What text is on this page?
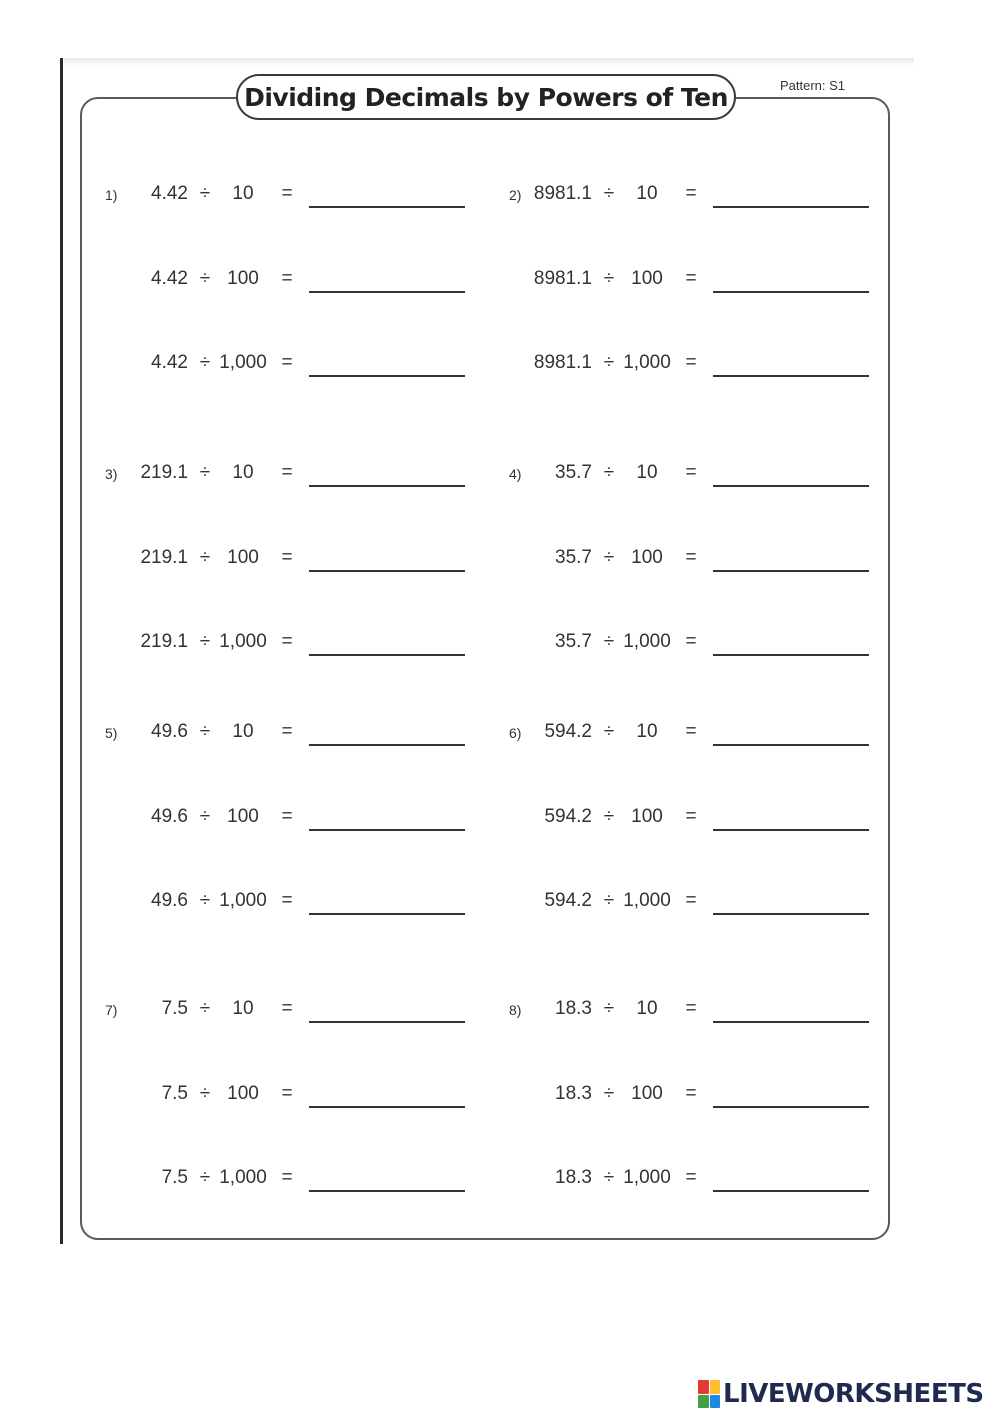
Dividing Decimals by Powers of Ten	Pattern: S1
1)	4.42 ÷	10	=
4.42 ÷ 100	=
4.42 ÷ 1,000 =
2) 8981.1 ÷	10	=
8981.1 ÷ 100	=
8981.1 ÷ 1,000 =
3)	219.1 ÷	10	=
219.1 ÷ 100	=
219.1 ÷ 1,000 =
4)	35.7 ÷	10	=
35.7 ÷ 100	=
35.7 ÷ 1,000 =
5)	49.6 ÷	10	=
49.6 ÷ 100	=
49.6 ÷ 1,000 =
6)	594.2 ÷	10	=
594.2 ÷ 100	=
594.2 ÷ 1,000 =
7)	7.5 ÷	10	=
7.5 ÷ 100	=
7.5 ÷ 1,000 =
8)	18.3 ÷	10	=
18.3 ÷ 100	=
18.3 ÷ 1,000 =
LIVEWORKSHEETS
